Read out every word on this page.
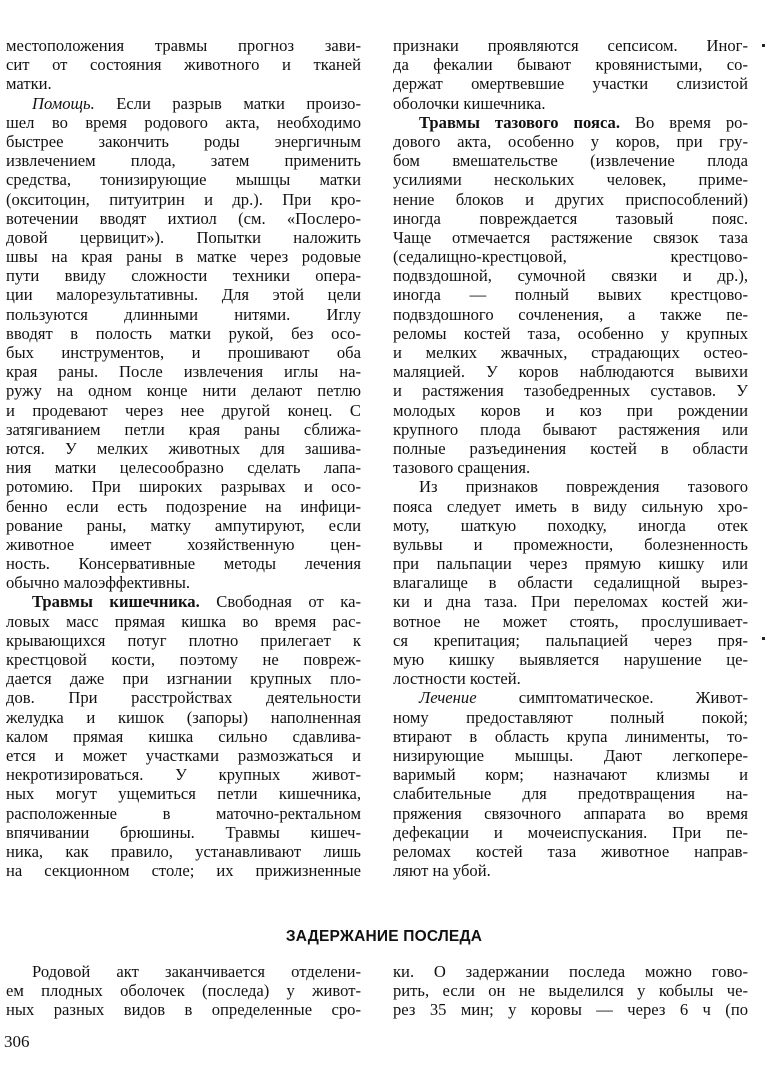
местоположения травмы прогноз зави-
сит от состояния животного и тканей
матки.
Помощь. Если разрыв матки произо-
шел во время родового акта, необходимо
быстрее закончить роды энергичным
извлечением плода, затем применить
средства, тонизирующие мышцы матки
(окситоцин, питуитрин и др.). При кро-
вотечении вводят ихтиол (см. «Послеро-
довой цервицит»). Попытки наложить
швы на края раны в матке через родовые
пути ввиду сложности техники опера-
ции малорезультативны. Для этой цели
пользуются длинными нитями. Иглу
вводят в полость матки рукой, без осо-
бых инструментов, и прошивают оба
края раны. После извлечения иглы на-
ружу на одном конце нити делают петлю
и продевают через нее другой конец. С
затягиванием петли края раны сближа-
ются. У мелких животных для зашива-
ния матки целесообразно сделать лапа-
ротомию. При широких разрывах и осо-
бенно если есть подозрение на инфици-
рование раны, матку ампутируют, если
животное имеет хозяйственную цен-
ность. Консервативные методы лечения
обычно малоэффективны.
Травмы кишечника. Свободная от ка-
ловых масс прямая кишка во время рас-
крывающихся потуг плотно прилегает к
крестцовой кости, поэтому не повреж-
дается даже при изгнании крупных пло-
дов. При расстройствах деятельности
желудка и кишок (запоры) наполненная
калом прямая кишка сильно сдавлива-
ется и может участками размозжаться и
некротизироваться. У крупных живот-
ных могут ущемиться петли кишечника,
расположенные в маточно-ректальном
впячивании брюшины. Травмы кишеч-
ника, как правило, устанавливают лишь
на секционном столе; их прижизненные
признаки проявляются сепсисом. Иног-
да фекалии бывают кровянистыми, со-
держат омертвевшие участки слизистой
оболочки кишечника.
Травмы тазового пояса. Во время ро-
дового акта, особенно у коров, при гру-
бом вмешательстве (извлечение плода
усилиями нескольких человек, приме-
нение блоков и других приспособлений)
иногда повреждается тазовый пояс.
Чаще отмечается растяжение связок таза
(седалищно-крестцовой, крестцово-
подвздошной, сумочной связки и др.),
иногда — полный вывих крестцово-
подвздошного сочленения, а также пе-
реломы костей таза, особенно у крупных
и мелких жвачных, страдающих остео-
маляцией. У коров наблюдаются вывихи
и растяжения тазобедренных суставов. У
молодых коров и коз при рождении
крупного плода бывают растяжения или
полные разъединения костей в области
тазового сращения.
Из признаков повреждения тазового
пояса следует иметь в виду сильную хро-
моту, шаткую походку, иногда отек
вульвы и промежности, болезненность
при пальпации через прямую кишку или
влагалище в области седалищной вырез-
ки и дна таза. При переломах костей жи-
вотное не может стоять, прослушивает-
ся крепитация; пальпацией через пря-
мую кишку выявляется нарушение це-
лостности костей.
Лечение симптоматическое. Живот-
ному предоставляют полный покой;
втирают в область крупа линименты, то-
низирующие мышцы. Дают легкопере-
варимый корм; назначают клизмы и
слабительные для предотвращения на-
пряжения связочного аппарата во время
дефекации и мочеиспускания. При пе-
реломах костей таза животное направ-
ляют на убой.
ЗАДЕРЖАНИЕ ПОСЛЕДА
Родовой акт заканчивается отделени-
ем плодных оболочек (последа) у живот-
ных разных видов в определенные сро-
ки. О задержании последа можно гово-
рить, если он не выделился у кобылы че-
рез 35 мин; у коровы — через 6 ч (по
306
